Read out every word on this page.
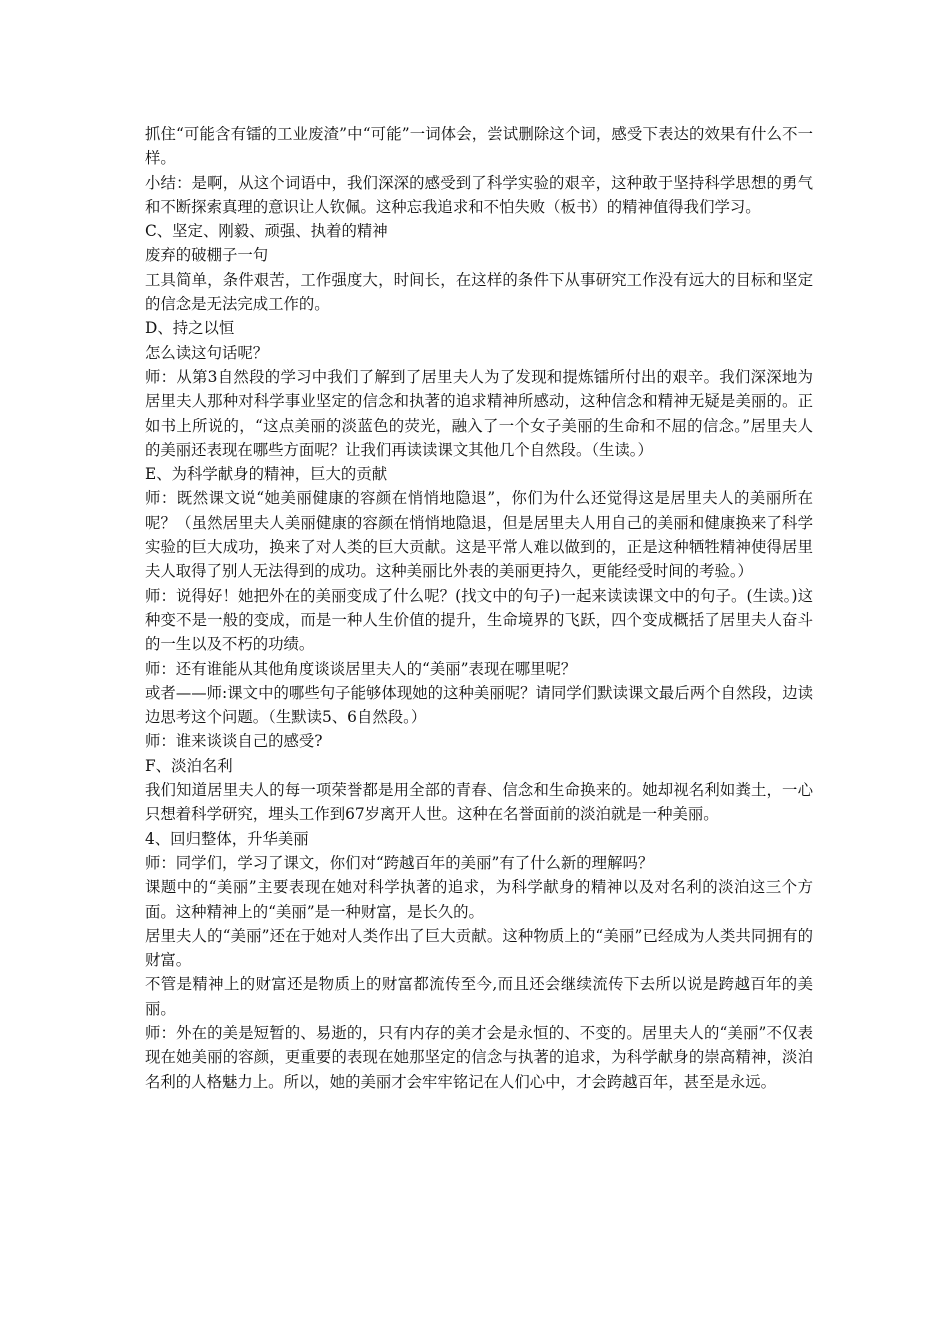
抓住“可能含有镭的工业废渣”中“可能”一词体会，尝试删除这个词，感受下表达的效果有什么不一样。

小结：是啊，从这个词语中，我们深深的感受到了科学实验的艰辛，这种敢于坚持科学思想的勇气和不断探索真理的意识让人钦佩。这种忘我追求和不怕失败（板书）的精神值得我们学习。

C、坚定、刚毅、顽强、执着的精神

废弃的破棚子一句

工具简单，条件艰苦，工作强度大，时间长，在这样的条件下从事研究工作没有远大的目标和坚定的信念是无法完成工作的。

D、持之以恒

怎么读这句话呢？

师：从第3自然段的学习中我们了解到了居里夫人为了发现和提炼镭所付出的艰辛。我们深深地为居里夫人那种对科学事业坚定的信念和执著的追求精神所感动，这种信念和精神无疑是美丽的。正如书上所说的，“这点美丽的淡蓝色的荧光，融入了一个女子美丽的生命和不屈的信念。”居里夫人的美丽还表现在哪些方面呢？让我们再读读课文其他几个自然段。（生读。）

E、为科学献身的精神，巨大的贡献

师：既然课文说“她美丽健康的容颜在悄悄地隐退”，你们为什么还觉得这是居里夫人的美丽所在呢？（虽然居里夫人美丽健康的容颜在悄悄地隐退，但是居里夫人用自己的美丽和健康换来了科学实验的巨大成功，换来了对人类的巨大贡献。这是平常人难以做到的，正是这种牺牲精神使得居里夫人取得了别人无法得到的成功。这种美丽比外表的美丽更持久，更能经受时间的考验。）

师：说得好！她把外在的美丽变成了什么呢？(找文中的句子)一起来读读课文中的句子。(生读。)这种变不是一般的变成，而是一种人生价值的提升，生命境界的飞跃，四个变成概括了居里夫人奋斗的一生以及不朽的功绩。

师：还有谁能从其他角度谈谈居里夫人的“美丽”表现在哪里呢？

或者——师:课文中的哪些句子能够体现她的这种美丽呢？请同学们默读课文最后两个自然段，边读边思考这个问题。（生默读5、6自然段。）

师：谁来谈谈自己的感受?

F、淡泊名利

我们知道居里夫人的每一项荣誉都是用全部的青春、信念和生命换来的。她却视名利如粪土，一心只想着科学研究，埋头工作到67岁离开人世。这种在名誉面前的淡泊就是一种美丽。

4、回归整体，升华美丽

师：同学们，学习了课文，你们对“跨越百年的美丽”有了什么新的理解吗？

课题中的“美丽”主要表现在她对科学执著的追求，为科学献身的精神以及对名利的淡泊这三个方面。这种精神上的“美丽”是一种财富，是长久的。

居里夫人的“美丽”还在于她对人类作出了巨大贡献。这种物质上的“美丽”已经成为人类共同拥有的财富。

不管是精神上的财富还是物质上的财富都流传至今,而且还会继续流传下去所以说是跨越百年的美丽。

师：外在的美是短暂的、易逝的，只有内存的美才会是永恒的、不变的。居里夫人的“美丽”不仅表现在她美丽的容颜，更重要的表现在她那坚定的信念与执著的追求，为科学献身的崇高精神，淡泊名利的人格魅力上。所以，她的美丽才会牢牢铭记在人们心中，才会跨越百年，甚至是永远。
